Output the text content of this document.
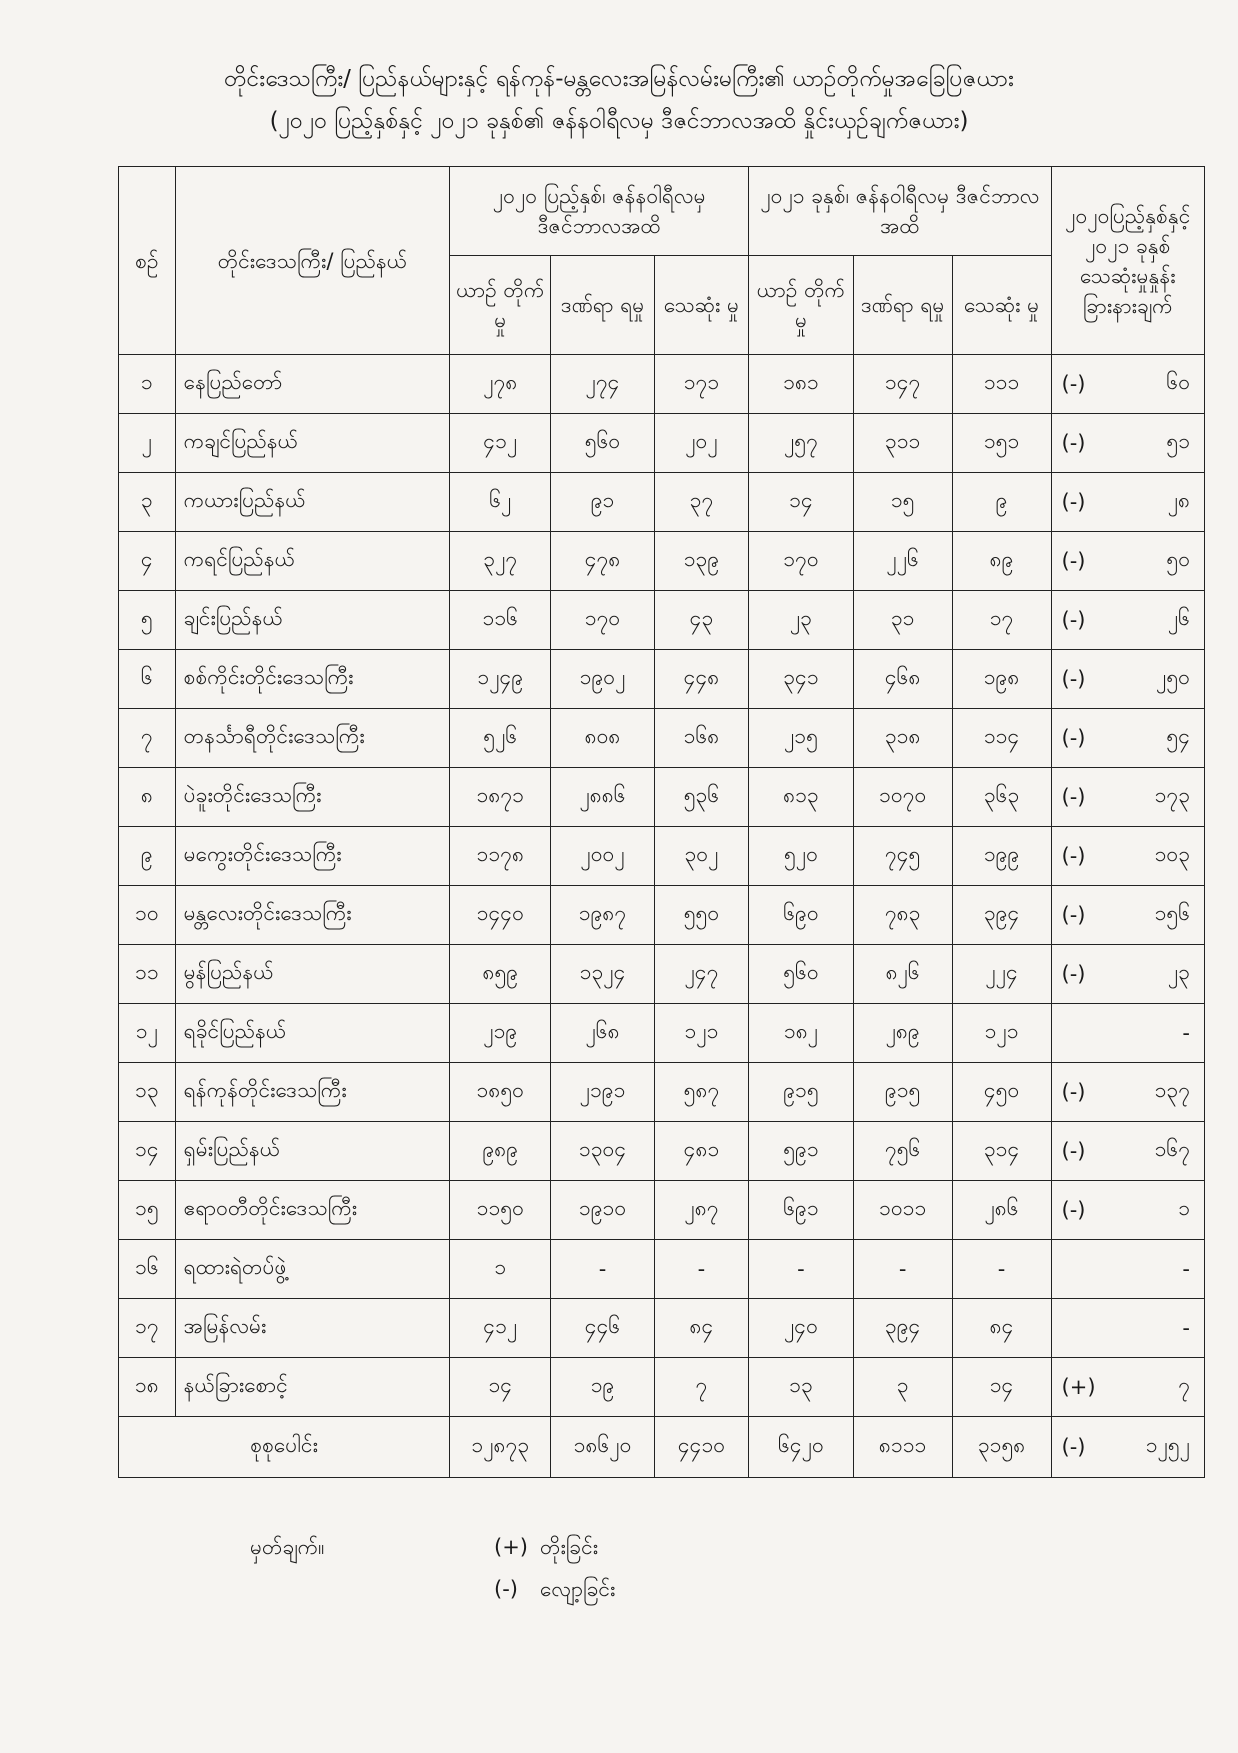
တိုင်းဒေသကြီး/ ပြည်နယ်များနှင့် ရန်ကုန်-မန္တလေးအမြန်လမ်းမကြီး၏ ယာဉ်တိုက်မှုအခြေပြဇယား
(၂၀၂၀ ပြည့်နှစ်နှင့် ၂၀၂၁ ခုနှစ်၏ ဇန်နဝါရီလမှ ဒီဇင်ဘာလအထိ နှိုင်းယှဉ်ချက်ဇယား)
စဉ်	တိုင်းဒေသကြီး/ ပြည်နယ်	၂၀၂၀ ပြည့်နှစ်၊ ဇန်နဝါရီလမှ ဒီဇင်ဘာလအထိ			၂၀၂၁ ခုနှစ်၊ ဇန်နဝါရီလမှ ဒီဇင်ဘာလအထိ			၂၀၂၀ပြည့်နှစ်နှင့် ၂၀၂၁ ခုနှစ် သေဆုံးမှုနှုန်း ခြားနားချက်	
		ယာဉ် တိုက်မှု	ဒဏ်ရာ ရမှု	သေဆုံး မှု	ယာဉ် တိုက်မှု	ဒဏ်ရာ ရမှု	သေဆုံး မှု		
၁	နေပြည်တော်	၂၇၈	၂၇၄	၁၇၁	၁၈၁	၁၄၇	၁၁၁	(-)	၆၀
၂	ကချင်ပြည်နယ်	၄၁၂	၅၆၀	၂၀၂	၂၅၇	၃၁၁	၁၅၁	(-)	၅၁
၃	ကယားပြည်နယ်	၆၂	၉၁	၃၇	၁၄	၁၅	၉	(-)	၂၈
၄	ကရင်ပြည်နယ်	၃၂၇	၄၇၈	၁၃၉	၁၇၀	၂၂၆	၈၉	(-)	၅၀
၅	ချင်းပြည်နယ်	၁၁၆	၁၇၀	၄၃	၂၃	၃၁	၁၇	(-)	၂၆
၆	စစ်ကိုင်းတိုင်းဒေသကြီး	၁၂၄၉	၁၉၀၂	၄၄၈	၃၄၁	၄၆၈	၁၉၈	(-)	၂၅၀
၇	တနင်္သာရီတိုင်းဒေသကြီး	၅၂၆	၈၀၈	၁၆၈	၂၁၅	၃၁၈	၁၁၄	(-)	၅၄
၈	ပဲခူးတိုင်းဒေသကြီး	၁၈၇၁	၂၈၈၆	၅၃၆	၈၁၃	၁၀၇၀	၃၆၃	(-)	၁၇၃
၉	မကွေးတိုင်းဒေသကြီး	၁၁၇၈	၂၀၀၂	၃၀၂	၅၂၀	၇၄၅	၁၉၉	(-)	၁၀၃
၁၀	မန္တလေးတိုင်းဒေသကြီး	၁၄၄၀	၁၉၈၇	၅၅၀	၆၉၀	၇၈၃	၃၉၄	(-)	၁၅၆
၁၁	မွန်ပြည်နယ်	၈၅၉	၁၃၂၄	၂၄၇	၅၆၀	၈၂၆	၂၂၄	(-)	၂၃
၁၂	ရခိုင်ပြည်နယ်	၂၁၉	၂၆၈	၁၂၁	၁၈၂	၂၈၉	၁၂၁		-
၁၃	ရန်ကုန်တိုင်းဒေသကြီး	၁၈၅၀	၂၁၉၁	၅၈၇	၉၁၅	၉၁၅	၄၅၀	(-)	၁၃၇
၁၄	ရှမ်းပြည်နယ်	၉၈၉	၁၃၀၄	၄၈၁	၅၉၁	၇၅၆	၃၁၄	(-)	၁၆၇
၁၅	ဧရာဝတီတိုင်းဒေသကြီး	၁၁၅၀	၁၉၁၀	၂၈၇	၆၉၁	၁၀၁၁	၂၈၆	(-)	၁
၁၆	ရထားရဲတပ်ဖွဲ့	၁	-	-	-	-	-		-
၁၇	အမြန်လမ်း	၄၁၂	၄၄၆	၈၄	၂၄၀	၃၉၄	၈၄		-
၁၈	နယ်ခြားစောင့်	၁၄	၁၉	၇	၁၃	၃	၁၄	(+)	၇
စုစုပေါင်း		၁၂၈၇၃	၁၈၆၂၀	၄၄၁၀	၆၄၂၀	၈၁၁၁	၃၁၅၈	(-)	၁၂၅၂
မှတ်ချက်။	(+) တိုးခြင်း
(-) လျော့ခြင်း
